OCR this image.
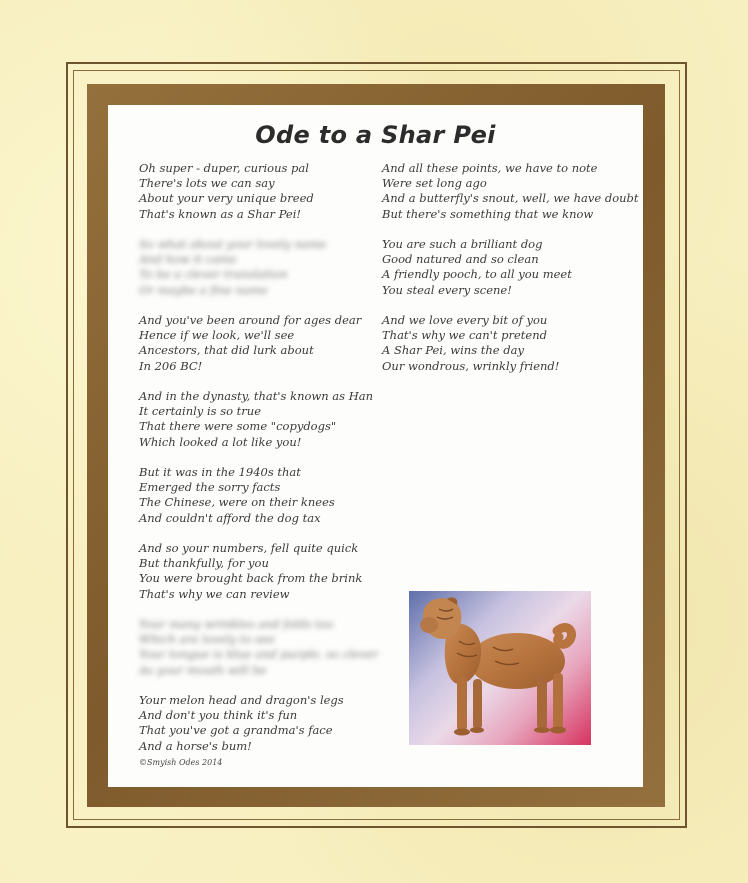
Ode to a Shar Pei
Oh super - duper, curious pal
There's lots we can say
About your very unique breed
That's known as a Shar Pei!
So what about your lovely name
And how it came
To be a clever translation
Or maybe a fine name
And you've been around for ages dear
Hence if we look, we'll see
Ancestors, that did lurk about
In 206 BC!
And in the dynasty, that's known as Han
It certainly is so true
That there were some "copydogs"
Which looked a lot like you!
But it was in the 1940s that
Emerged the sorry facts
The Chinese, were on their knees
And couldn't afford the dog tax
And so your numbers, fell quite quick
But thankfully, for you
You were brought back from the brink
That's why we can review
Your many wrinkles and folds too
Which are lovely to see
Your tongue is blue and purple, so clever
As your mouth will be
Your melon head and dragon's legs
And don't you think it's fun
That you've got a grandma's face
And a horse's bum!
And all these points, we have to note
Were set long ago
And a butterfly's snout, well, we have doubt
But there's something that we know
You are such a brilliant dog
Good natured and so clean
A friendly pooch, to all you meet
You steal every scene!
And we love every bit of you
That's why we can't pretend
A Shar Pei, wins the day
Our wondrous, wrinkly friend!
©Smyish Odes 2014
